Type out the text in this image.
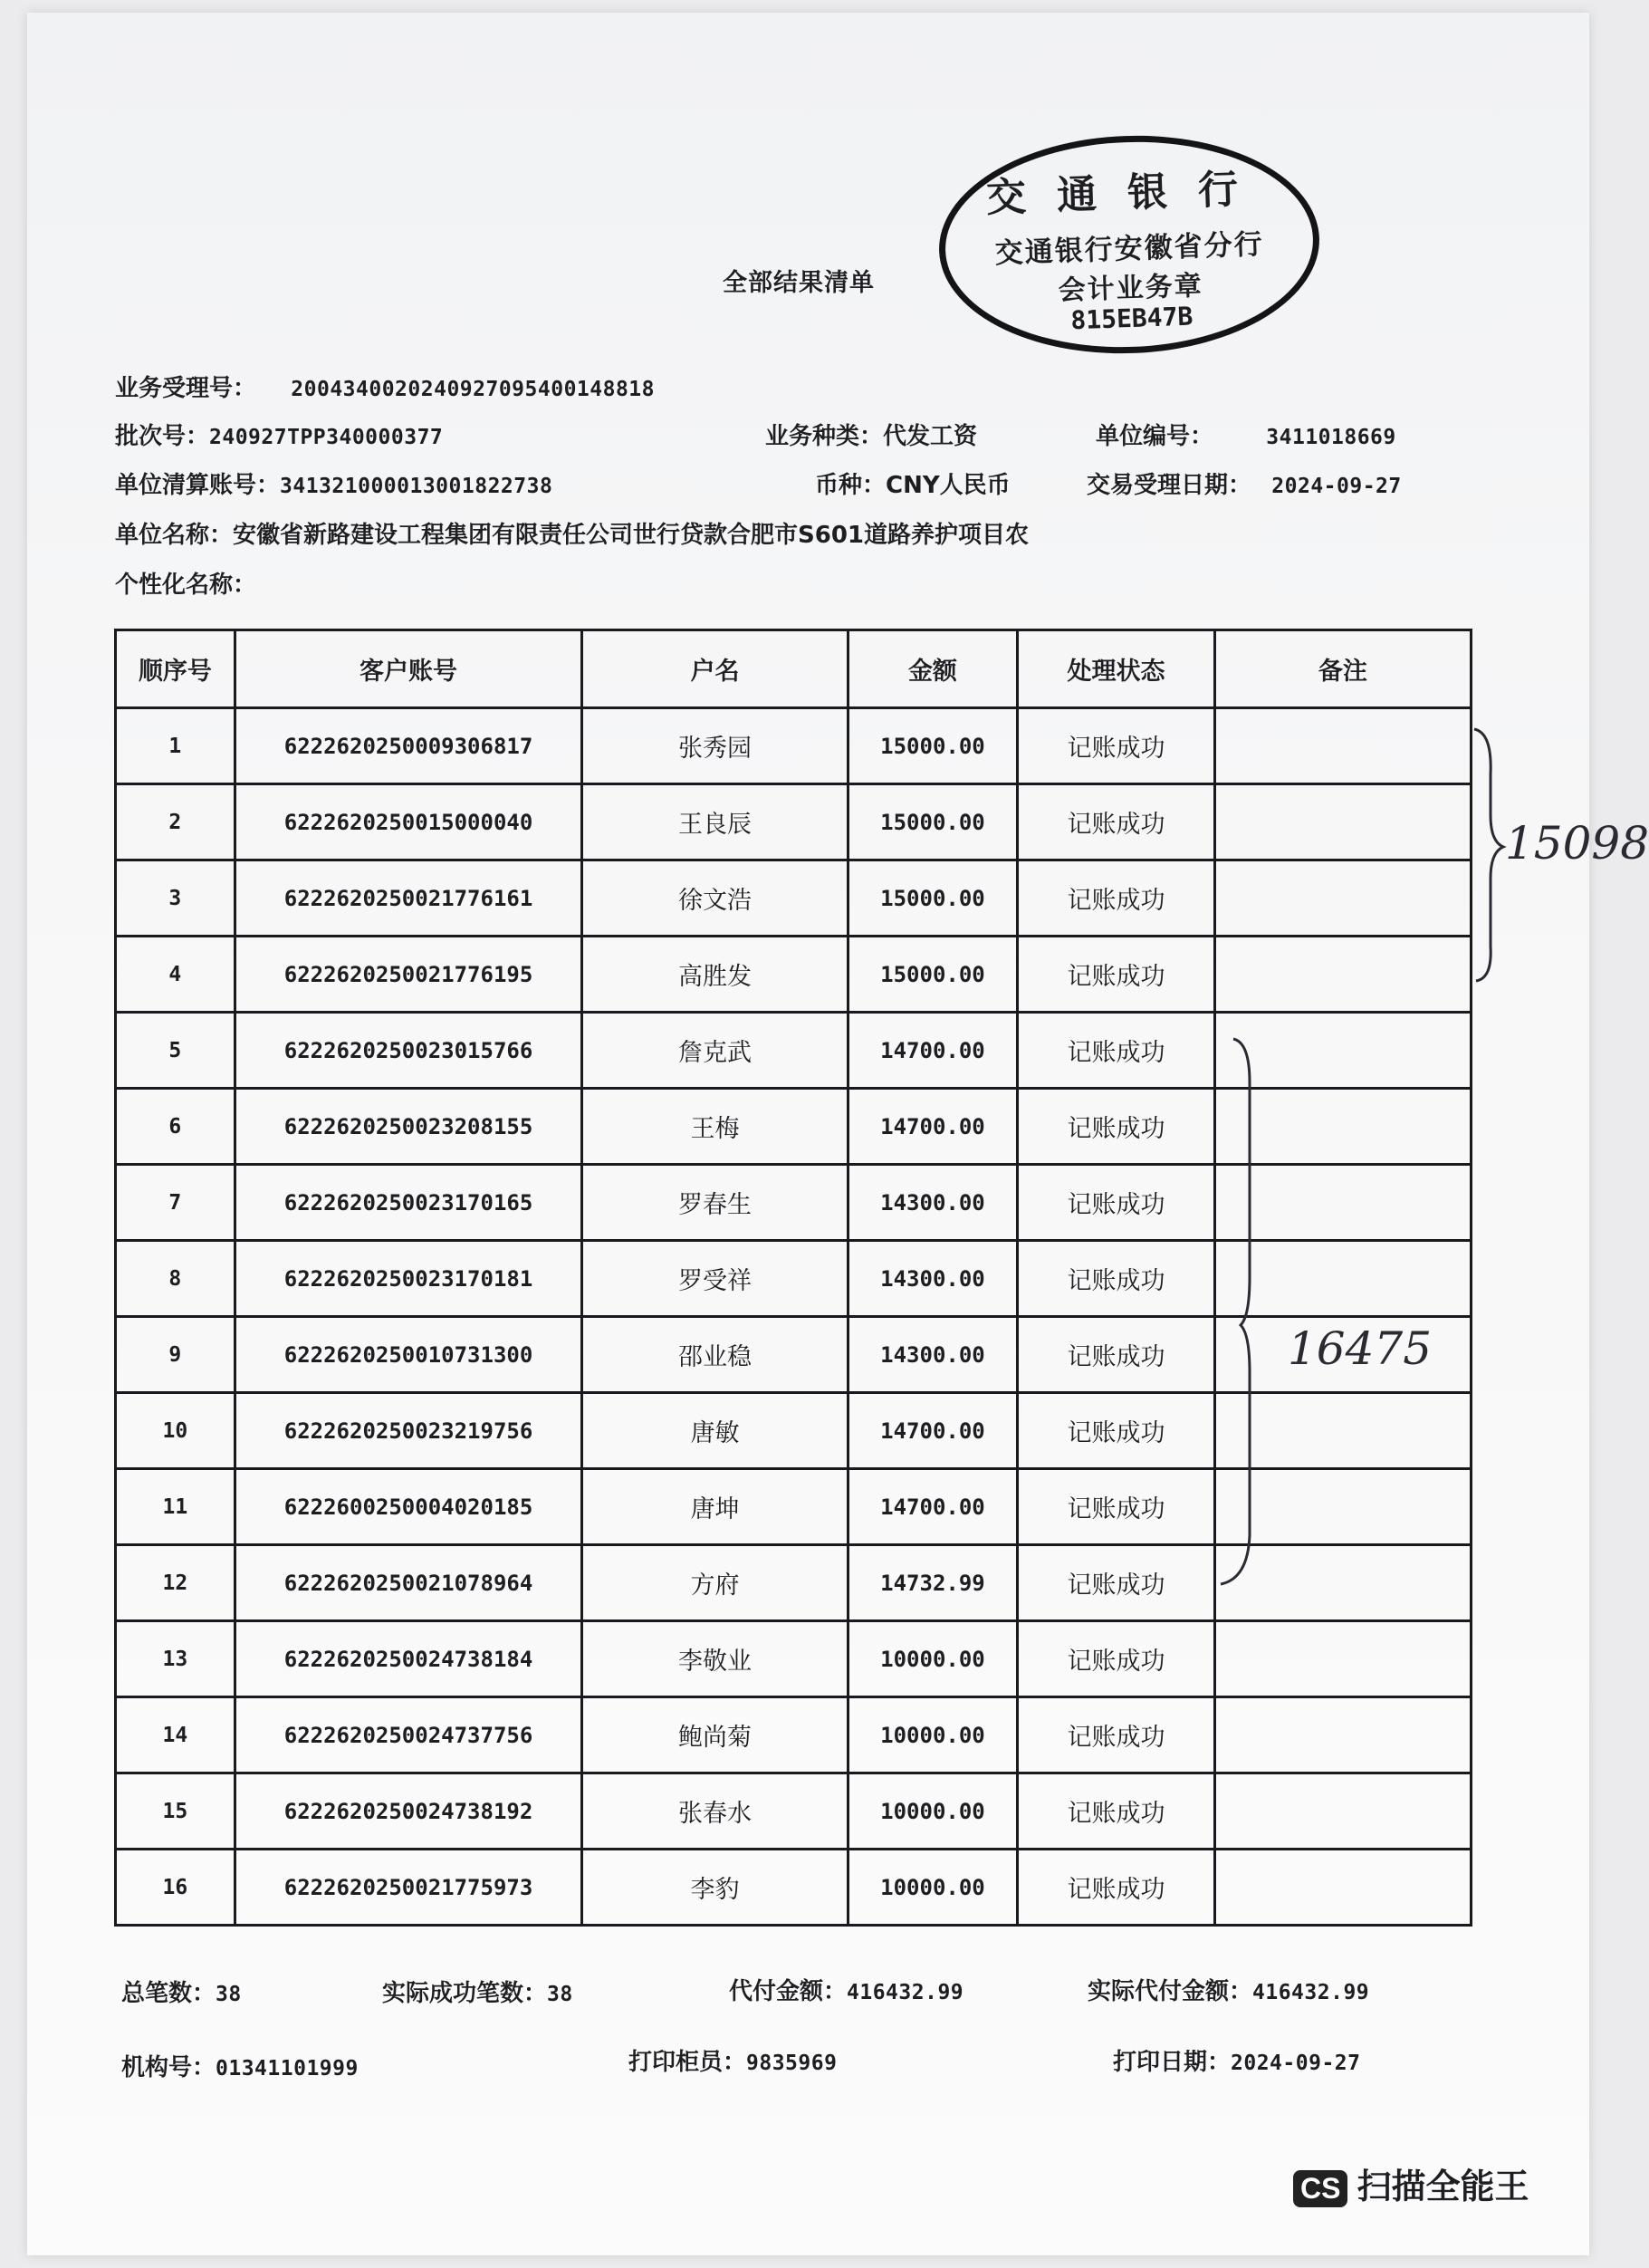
全部结果清单
交通银行
交通银行安徽省分行
会计业务章
815EB47B
业务受理号： 2004340020240927095400148818
批次号：240927TPP340000377	业务种类：代发工资	单位编号：	3411018669
单位清算账号：341321000013001822738	币种：CNY人民币	交易受理日期： 2024-09-27
单位名称：安徽省新路建设工程集团有限责任公司世行贷款合肥市S601道路养护项目农
个性化名称：
顺序号	客户账号	户名	金额	处理状态	备注
1	6222620250009306817	张秀园	15000.00	记账成功	
2	6222620250015000040	王良辰	15000.00	记账成功	
3	6222620250021776161	徐文浩	15000.00	记账成功	
4	6222620250021776195	高胜发	15000.00	记账成功	
5	6222620250023015766	詹克武	14700.00	记账成功	
6	6222620250023208155	王梅	14700.00	记账成功	
7	6222620250023170165	罗春生	14300.00	记账成功	
8	6222620250023170181	罗受祥	14300.00	记账成功	
9	6222620250010731300	邵业稳	14300.00	记账成功	
10	6222620250023219756	唐敏	14700.00	记账成功	
11	6222600250004020185	唐坤	14700.00	记账成功	
12	6222620250021078964	方府	14732.99	记账成功	
13	6222620250024738184	李敬业	10000.00	记账成功	
14	6222620250024737756	鲍尚菊	10000.00	记账成功	
15	6222620250024738192	张春水	10000.00	记账成功	
16	6222620250021775973	李豹	10000.00	记账成功	
15098
16475
总笔数：38	实际成功笔数：38	代付金额：416432.99	实际代付金额：416432.99
机构号：01341101999	打印柜员：9835969	打印日期：2024-09-27
CS 扫描全能王
